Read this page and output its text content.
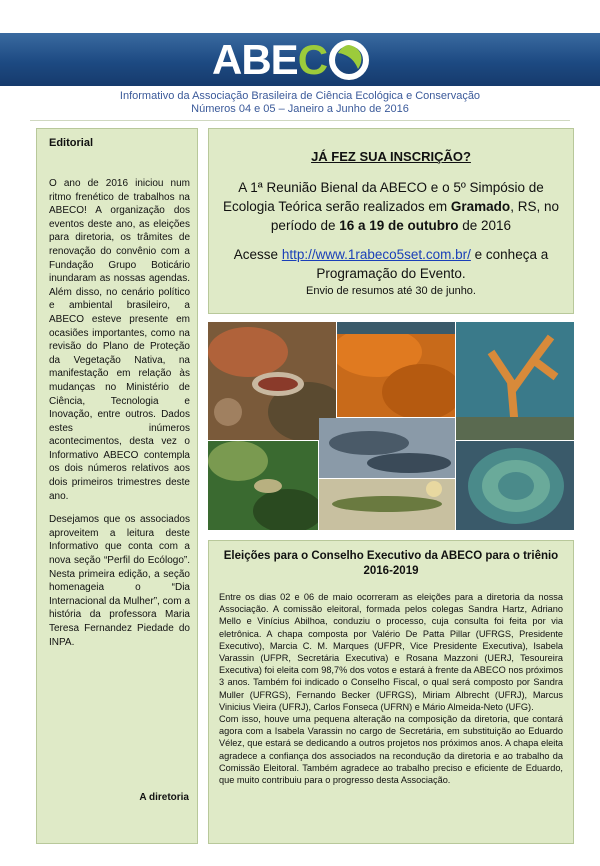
ABEC
Informativo da Associação Brasileira de Ciência Ecológica e Conservação
Números 04 e 05 – Janeiro a Junho de 2016
Editorial

O ano de 2016 iniciou num ritmo frenético de trabalhos na ABECO! A organização dos eventos deste ano, as eleições para diretoria, os trâmites de renovação do convênio com a Fundação Grupo Boticário inundaram as nossas agendas. Além disso, no cenário político e ambiental brasileiro, a ABECO esteve presente em ocasiões importantes, como na revisão do Plano de Proteção da Vegetação Nativa, na manifestação em relação às mudanças no Ministério de Ciência, Tecnologia e Inovação, entre outros. Dados estes inúmeros acontecimentos, desta vez o Informativo ABECO contempla os dois números relativos aos dois primeiros trimestres deste ano.

Desejamos que os associados aproveitem a leitura deste Informativo que conta com a nova seção “Perfil do Ecólogo”. Nesta primeira edição, a seção homenageia o “Dia Internacional da Mulher”, com a história da professora Maria Teresa Fernandez Piedade do INPA.

A diretoria
JÁ FEZ SUA INSCRIÇÃO?
A 1ª Reunião Bienal da ABECO e o 5º Simpósio de Ecologia Teórica serão realizados em Gramado, RS, no período de 16 a 19 de outubro de 2016
Acesse http://www.1rabeco5set.com.br/ e conheça a Programação do Evento.
Envio de resumos até 30 de junho.
Eleições para o Conselho Executivo da ABECO para o triênio 2016-2019

Entre os dias 02 e 06 de maio ocorreram as eleições para a diretoria da nossa Associação. A comissão eleitoral, formada pelos colegas Sandra Hartz, Adriano Mello e Vinícius Abilhoa, conduziu o processo, cuja consulta foi feita por via eletrônica. A chapa composta por Valério De Patta Pillar (UFRGS, Presidente Executivo), Marcia C. M. Marques (UFPR, Vice Presidente Executiva), Isabela Varassin (UFPR, Secretária Executiva) e Rosana Mazzoni (UERJ, Tesoureira Executiva) foi eleita com 98,7% dos votos e estará à frente da ABECO nos próximos 3 anos. Também foi indicado o Conselho Fiscal, o qual será composto por Sandra Muller (UFRGS), Fernando Becker (UFRGS), Miriam Albrecht (UFRJ), Marcus Vinicius Vieira (UFRJ), Carlos Fonseca (UFRN) e Mário Almeida-Neto (UFG).

Com isso, houve uma pequena alteração na composição da diretoria, que contará agora com a Isabela Varassin no cargo de Secretária, em substituição ao Eduardo Vélez, que estará se dedicando a outros projetos nos próximos anos. A chapa eleita agradece a confiança dos associados na recondução da diretoria e ao trabalho da Comissão Eleitoral. Também agradece ao trabalho preciso e eficiente de Eduardo, que muito contribuiu para o progresso desta Associação.
